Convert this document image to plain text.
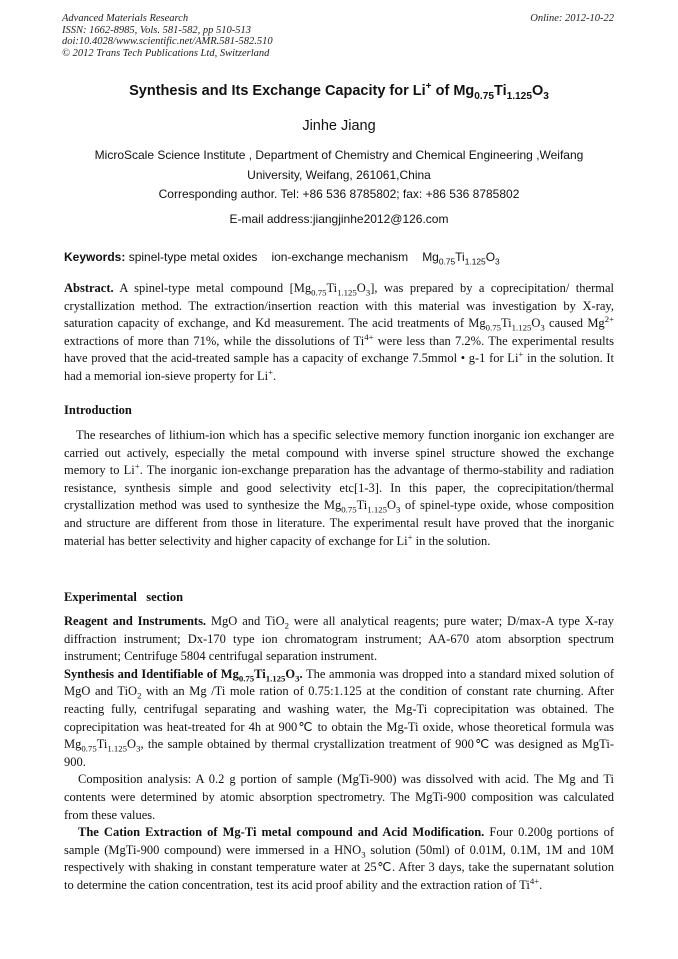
Advanced Materials Research
ISSN: 1662-8985, Vols. 581-582, pp 510-513
doi:10.4028/www.scientific.net/AMR.581-582.510
© 2012 Trans Tech Publications Ltd, Switzerland
Online: 2012-10-22
Synthesis and Its Exchange Capacity for Li+ of $Mg_{0.75}Ti_{1.125}O_3$
Jinhe Jiang
MicroScale Science Institute , Department of Chemistry and Chemical Engineering ,Weifang University, Weifang, 261061,China
Corresponding author. Tel: +86 536 8785802; fax: +86 536 8785802
E-mail address:jiangjinhe2012@126.com
Keywords: spinel-type metal oxides ion-exchange mechanism $Mg_{0.75}Ti_{1.125}O_3$
Abstract. A spinel-type metal compound $[Mg_{0.75}Ti_{1.125}O_3]$, was prepared by a coprecipitation/ thermal crystallization method. The extraction/insertion reaction with this material was investigation by X-ray, saturation capacity of exchange, and Kd measurement. The acid treatments of $Mg_{0.75}Ti_{1.125}O_3$ caused $Mg^{2+}$ extractions of more than 71%, while the dissolutions of $Ti^{4+}$ were less than 7.2%. The experimental results have proved that the acid-treated sample has a capacity of exchange 7.5mmol • g-1 for Li+ in the solution. It had a memorial ion-sieve property for Li+.
Introduction
The researches of lithium-ion which has a specific selective memory function inorganic ion exchanger are carried out actively, especially the metal compound with inverse spinel structure showed the exchange memory to Li+. The inorganic ion-exchange preparation has the advantage of thermo-stability and radiation resistance, synthesis simple and good selectivity etc[1-3]. In this paper, the coprecipitation/thermal crystallization method was used to synthesize the $Mg_{0.75}Ti_{1.125}O_3$ of spinel-type oxide, whose composition and structure are different from those in literature. The experimental result have proved that the inorganic material has better selectivity and higher capacity of exchange for Li+ in the solution.
Experimental   section

Reagent and Instruments. MgO and TiO$_2$ were all analytical reagents; pure water; D/max-A type X-ray diffraction instrument; Dx-170 type ion chromatogram instrument; AA-670 atom absorption spectrum instrument; Centrifuge 5804 centrifugal separation instrument.

Synthesis and Identifiable of $Mg_{0.75}Ti_{1.125}O_3$. The ammonia was dropped into a standard mixed solution of MgO and TiO$_2$ with an Mg /Ti mole ration of 0.75:1.125 at the condition of constant rate churning. After reacting fully, centrifugal separating and washing water, the Mg-Ti coprecipitation was obtained. The coprecipitation was heat-treated for 4h at 900℃ to obtain the Mg-Ti oxide, whose theoretical formula was $Mg_{0.75}Ti_{1.125}O_3$, the sample obtained by thermal crystallization treatment of 900℃ was designed as MgTi-900.

Composition analysis: A 0.2 g portion of sample (MgTi-900) was dissolved with acid. The Mg and Ti contents were determined by atomic absorption spectrometry. The MgTi-900 composition was calculated from these values.

The Cation Extraction of Mg-Ti metal compound and Acid Modification. Four 0.200g portions of sample (MgTi-900 compound) were immersed in a $HNO_3$ solution (50ml) of 0.01M, 0.1M, 1M and 10M respectively with shaking in constant temperature water at 25℃. After 3 days, take the supernatant solution to determine the cation concentration, test its acid proof ability and the extraction ration of $Ti^{4+}$.
